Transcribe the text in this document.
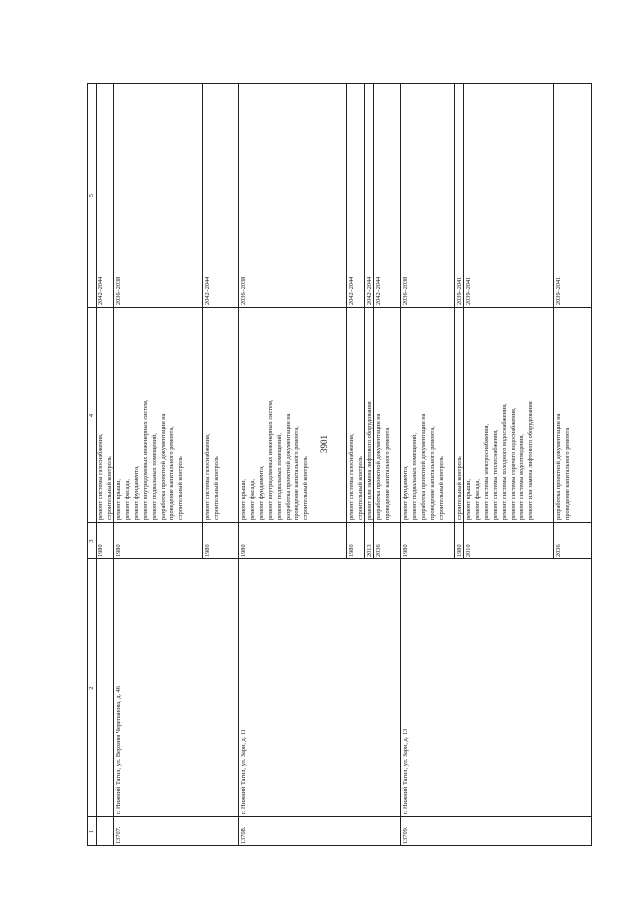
3901
1
2
3
4
5
1980
ремонт системы газоснабжения,
строительный контроль
2042–2044
13707.
г. Нижний Тагил, ул. Верхняя Черепанова, д. 46
1980
ремонт крыши,
ремонт фасада,
ремонт фундамента,
ремонт внутридомовых инженерных систем,
ремонт подвальных помещений,
разработка проектной документации на
проведение капитального ремонта,
строительный контроль
2036–2038
1980
ремонт системы газоснабжения,
строительный контроль
2042–2044
13708.
г. Нижний Тагил, ул. Зари, д. 11
1980
ремонт крыши,
ремонт фасада,
ремонт фундамента,
ремонт внутридомовых инженерных систем,
ремонт подвальных помещений,
разработка проектной документации на
проведение капитального ремонта,
строительный контроль
2036–2038
1980
ремонт системы газоснабжения,
строительный контроль
2042–2044
2013
ремонт или замена лифтового оборудования
2042–2044
2036
разработка проектной документации на
проведение капитального ремонта
2042–2044
13709.
г. Нижний Тагил, ул. Зари, д. 13
1980
ремонт фундамента,
ремонт подвальных помещений,
разработка проектной документации на
проведение капитального ремонта,
строительный контроль
2036–2038
1980
строительный контроль
2039–2041
2010
ремонт крыши,
ремонт фасада,
ремонт системы электроснабжения,
ремонт системы теплоснабжения,
ремонт системы холодного водоснабжения,
ремонт системы горячего водоснабжения,
ремонт системы водоотведения,
ремонт или замена лифтового оборудования
2039–2041
2036
разработка проектной документации на
проведение капитального ремонта
2039–2041
